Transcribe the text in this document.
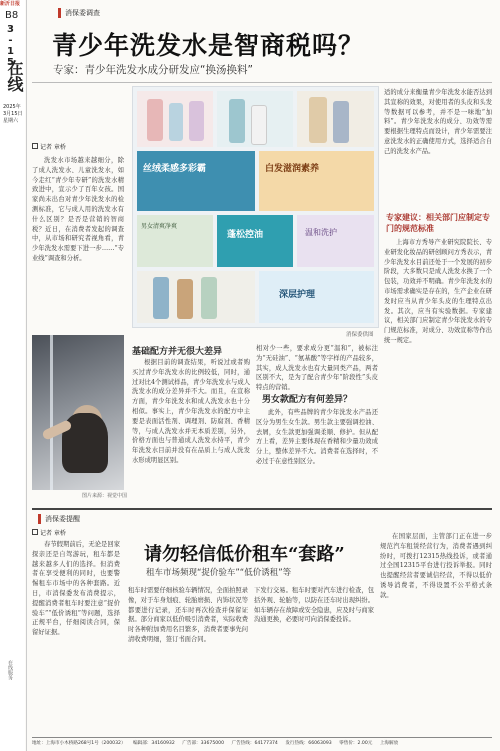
新沂日报
B8
3-15
在线
2025年
3月15日
星期六
在线服务
消保委调查
青少年洗发水是智商税吗？
专家：青少年洗发水成分研发应“换汤换料”
记者 章桥

洗发水市场越来越细分，除了成人洗发水、儿童洗发水，如今走红“青少年专研”的洗发水精致进中，宣示少了百年女孩。国家尚未出台对青少年洗发水的检测标准，它与成人用的洗发水有什么区别？是否是营销的智商税？近日，在消费者发起的调查中，从市场和研究者视角看，青少年洗发水需要下进一步……“专业线”调查和分析。

丝绒柔感多彩霸	白发滋润素养
男女清爽净爽
蓬松控油	温和洗护
深层护理
消保委供图

适的成分来衡量青少年洗发水能否达到其宣称的效果，对使用者的头皮和头发等数据可以参考，并不是一味地“加料”。青少年洗发水的成分、功效等需要根据生理特点而设计，青少年需要注意洗发水的正确使用方式，选择适合自己的洗发水产品。

专家建议：相关部门应制定专门的规范标准

上海市方秀导产业研究院院长、专业研发化妆品的研创顾问方秀表示，青少年洗发水目前还处于一个发展的初步阶段，大多数只是成人洗发水换了一个包装，功效并不明确。青少年洗发水的市场需求确实是存在的，生产企业在研发时应当从青少年头皮的生理特点出发。其次，应当有实验数据。专家建议，相关部门应制定青少年洗发水的专门规范标准，对成分、功效宣称等作出统一规定。

图片来源：视觉中国
基础配方并无很大差异

根据目前的调查结果，听说过或者购买过青少年洗发水的比例较低，同时，通过对比4个测试样品，青少年洗发水与成人洗发水的成分差异并不大。而且，在宣称方面，青少年洗发水和成人洗发水也十分相似。事实上，青少年洗发水的配方中主要是表面活性剂、调理剂、防腐剂、香精等，与成人洗发水并无本质差别，另外，价格方面也与普通成人洗发水持平，青少年洗发水目前并没有在品质上与成人洗发水形成明显区别。

相对少一些，要求成分更“温和”，被标注为“无硅油”、“氨基酸”等字样的产品较多，其实，成人洗发水也有大量同类产品，两者区别不大，是为了配合青少年“阶段性”头皮特点的营销。

男女款配方有何差异？

此外，有些品牌的青少年洗发水产品还区分为男生女生款。男生款主要强调控油、去屑，女生款更加强调柔顺、修护。但从配方上看，差异主要体现在香精和少量功效成分上，整体差异不大。消费者在选择时，不必过于在意性别区分。

消保委提醒
记者 章桥

春节假期前后，无论是回家探亲还是自驾游玩，租车都是越来越多人们的选择。但消费者在享受便利的同时，也要警惕租车市场中的各种套路。近日，市消保委发布消费提示，提醒消费者租车时要注意“捉价验车”“低价诱租”等问题，选择正规平台，仔细阅读合同，保留好证据。

请勿轻信低价租车“套路”
租车市场频现“捉价验车”“低价诱租”等

租车时需要仔细核验车辆情况，全面拍照录像，对于车身划痕、轮胎磨损、内饰状况等都要进行记录，还车时再次检查并保留证据。部分商家以低价吸引消费者，实际收费时各种附加费用名目繁多，消费者要事先问清收费明细，签订书面合同。

下发行交易。租车时要对汽车进行检查，包括外观、轮胎等，以防在还车时出现纠纷。如车辆存在故障或安全隐患，应及时与商家沟通更换，必要时可向消保委投诉。

在国家层面，主管部门正在进一步规范汽车租赁经营行为，消费者遇到纠纷时，可拨打12315热线投诉，或者通过全国12315平台进行投诉举报。同时也提醒经营者要诚信经营，不得以低价诱导消费者，不得设置不公平格式条款。

地址：上海市小木桥路268号1号（200032） 编辑部：34160932 广告部：33675000 广告热线：64177374 发行热线：66063093 零售价：2.00元 上海解放
